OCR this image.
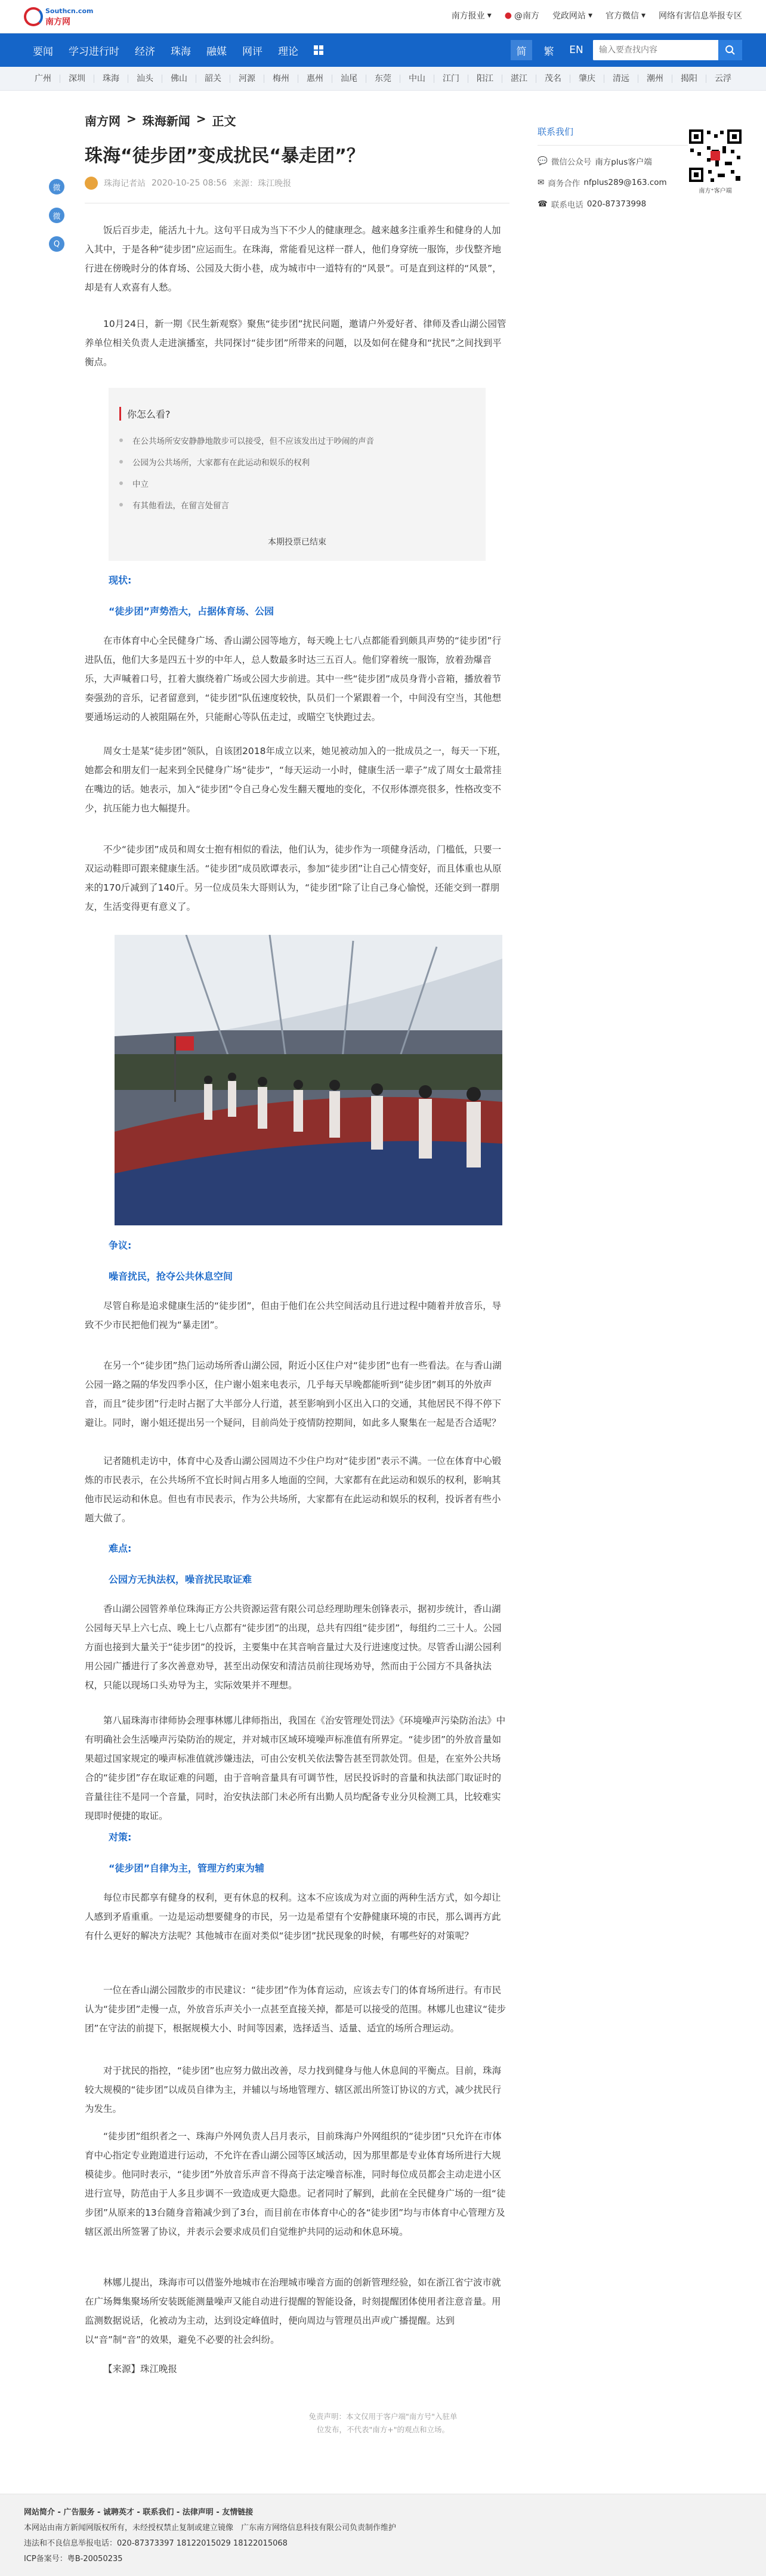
Southcn.com
南方网
南方报业 ▾ ● @南方 党政网站 ▾ 官方微信 ▾ 网络有害信息举报专区
要闻 学习进行时 经济 珠海 融媒 网评 理论	简	繁	EN
输入要查找内容
广州	深圳	珠海	汕头	佛山	韶关	河源	梅州	惠州	汕尾	东莞	中山	江门	阳江	湛江	茂名	肇庆	清远	潮州	揭阳	云浮
南方网 > 珠海新闻 > 正文
珠海“徒步团”变成扰民“暴走团”？
微
微
Q
珠海记者站 2020-10-25 08:56 来源：珠江晚报

饭后百步走，能活九十九。这句平日成为当下不少人的健康理念。越来越多注重养生和健身的人加入其中，于是各种“徒步团”应运而生。在珠海，常能看见这样一群人，他们身穿统一服饰，步伐整齐地行进在傍晚时分的体育场、公园及大街小巷，成为城市中一道特有的“风景”。可是直到这样的“风景”，却是有人欢喜有人愁。

10月24日，新一期《民生新观察》聚焦“徒步团”扰民问题，邀请户外爱好者、律师及香山湖公园管养单位相关负责人走进演播室，共同探讨“徒步团”所带来的问题，以及如何在健身和“扰民”之间找到平衡点。

你怎么看?
在公共场所安安静静地散步可以接受，但不应该发出过于吵闹的声音
公园为公共场所，大家都有在此运动和娱乐的权利
中立
有其他看法，在留言处留言
本期投票已结束
现状:
“徒步团”声势浩大，占据体育场、公园

在市体育中心全民健身广场、香山湖公园等地方，每天晚上七八点都能看到颇具声势的“徒步团”行进队伍，他们大多是四五十岁的中年人，总人数最多时达三五百人。他们穿着统一服饰，放着劲爆音乐，大声喊着口号，扛着大旗绕着广场或公园大步前进。其中一些“徒步团”成员身背小音箱，播放着节奏强劲的音乐，记者留意到，“徒步团”队伍速度较快，队员们一个紧跟着一个，中间没有空当，其他想要通场运动的人被阻隔在外，只能耐心等队伍走过，或瞄空飞快跑过去。

周女士是某“徒步团”领队，自该团2018年成立以来，她见被动加入的一批成员之一，每天一下班，她都会和朋友们一起来到全民健身广场“徒步”，“每天运动一小时，健康生活一辈子”成了周女士最常挂在嘴边的话。她表示，加入“徒步团”令自己身心发生翻天覆地的变化，不仅形体漂亮很多，性格改变不少，抗压能力也大幅提升。

不少“徒步团”成员和周女士抱有相似的看法，他们认为，徒步作为一项健身活动，门槛低，只要一双运动鞋即可跟来健康生活。“徒步团”成员欧谭表示，参加“徒步团”让自己心情变好，而且体重也从原来的170斤减到了140斤。另一位成员朱大哥则认为，“徒步团”除了让自己身心愉悦，还能交到一群朋友，生活变得更有意义了。

争议:
噪音扰民，抢夺公共休息空间

尽管自称是追求健康生活的“徒步团”，但由于他们在公共空间活动且行进过程中随着并放音乐，导致不少市民把他们视为“暴走团”。

在另一个“徒步团”热门运动场所香山湖公园，附近小区住户对“徒步团”也有一些看法。在与香山湖公园一路之隔的华发四季小区，住户谢小姐来电表示，几乎每天早晚都能听到“徒步团”刺耳的外放声音，而且“徒步团”行走时占据了大半部分人行道，甚至影响到小区出入口的交通，其他居民不得不停下避让。同时，谢小姐还提出另一个疑问，目前尚处于疫情防控期间，如此多人聚集在一起是否合适呢？

记者随机走访中，体育中心及香山湖公园周边不少住户均对“徒步团”表示不满。一位在体育中心锻炼的市民表示，在公共场所不宜长时间占用多人地面的空间，大家都有在此运动和娱乐的权利，影响其他市民运动和休息。但也有市民表示，作为公共场所，大家都有在此运动和娱乐的权利，投诉者有些小题大做了。

难点:
公园方无执法权，噪音扰民取证难

香山湖公园管养单位珠海正方公共资源运营有限公司总经理助理朱创锋表示，据初步统计，香山湖公园每天早上六七点、晚上七八点都有“徒步团”的出现，总共有四组“徒步团”，每组约二三十人。公园方面也接到大量关于“徒步团”的投诉，主要集中在其音响音量过大及行进速度过快。尽管香山湖公园利用公园广播进行了多次善意劝导，甚至出动保安和清洁员前往现场劝导，然而由于公园方不具备执法权，只能以现场口头劝导为主，实际效果并不理想。

第八届珠海市律师协会理事林娜儿律师指出，我国在《治安管理处罚法》《环境噪声污染防治法》中有明确社会生活噪声污染防治的规定，并对城市区域环境噪声标准值有所界定。“徒步团”的外放音量如果超过国家规定的噪声标准值就涉嫌违法，可由公安机关依法警告甚至罚款处罚。但是，在室外公共场合的“徒步团”存在取证难的问题，由于音响音量具有可调节性，居民投诉时的音量和执法部门取证时的音量往往不是同一个音量，同时，治安执法部门未必所有出勤人员均配备专业分贝检测工具，比较难实现即时便捷的取证。

对策:
“徒步团”自律为主，管理方约束为辅

每位市民都享有健身的权利，更有休息的权利。这本不应该成为对立面的两种生活方式，如今却让人感到矛盾重重。一边是运动想要健身的市民，另一边是希望有个安静健康环境的市民，那么调再方此有什么更好的解决方法呢？其他城市在面对类似“徒步团”扰民现象的时候，有哪些好的对策呢？

一位在香山湖公园散步的市民建议：“徒步团”作为体育运动，应该去专门的体育场所进行。有市民认为“徒步团”走慢一点，外放音乐声关小一点甚至直接关掉，都是可以接受的范围。林娜儿也建议“徒步团”在守法的前提下，根据规模大小、时间等因素，选择适当、适量、适宜的场所合理运动。

对于扰民的指控，“徒步团”也应努力做出改善，尽力找到健身与他人休息间的平衡点。目前，珠海较大规模的“徒步团”以成员自律为主，并辅以与场地管理方、辖区派出所签订协议的方式，减少扰民行为发生。

“徒步团”组织者之一、珠海户外网负责人吕月表示，目前珠海户外网组织的“徒步团”只允许在市体育中心指定专业跑道进行运动，不允许在香山湖公园等区域活动，因为那里都是专业体育场所进行大规模徒步。他同时表示，“徒步团”外放音乐声音不得高于法定噪音标准，同时每位成员都会主动走进小区进行宣导，防范由于人多且步调不一致造成更大隐患。记者同时了解到，此前在全民健身广场的一组“徒步团”从原来的13台随身音箱减少到了3台，而目前在市体育中心的各“徒步团”均与市体育中心管理方及辖区派出所签署了协议，并表示会要求成员们自觉维护共同的运动和休息环境。

林娜儿提出，珠海市可以借鉴外地城市在治理城市噪音方面的创新管理经验，如在浙江省宁波市就在广场舞集聚场所安装既能测量噪声又能自动进行提醒的智能设备，时刻提醒团体使用者注意音量。用监测数据说话，化被动为主动，达到设定峰值时，便向周边与管理员出声或广播提醒。达到以“音”制“音”的效果，避免不必要的社会纠纷。

【来源】珠江晚报

联系我们
💬 微信公众号 南方plus客户端
✉ 商务合作 nfplus289@163.com
☎ 联系电话 020-87373998
南方⁺客户端
免责声明：本文仅用于客户端"南方号"入驻单
位发布，不代表"南方+"的观点和立场。
网站简介 - 广告服务 - 诚聘英才 - 联系我们 - 法律声明 - 友情链接
本网站由南方新闻网版权所有，未经授权禁止复制或建立镜像　广东南方网络信息科技有限公司负责制作维护
违法和不良信息举报电话：020-87373397 18122015029 18122015068
ICP备案号：粤B-20050235
